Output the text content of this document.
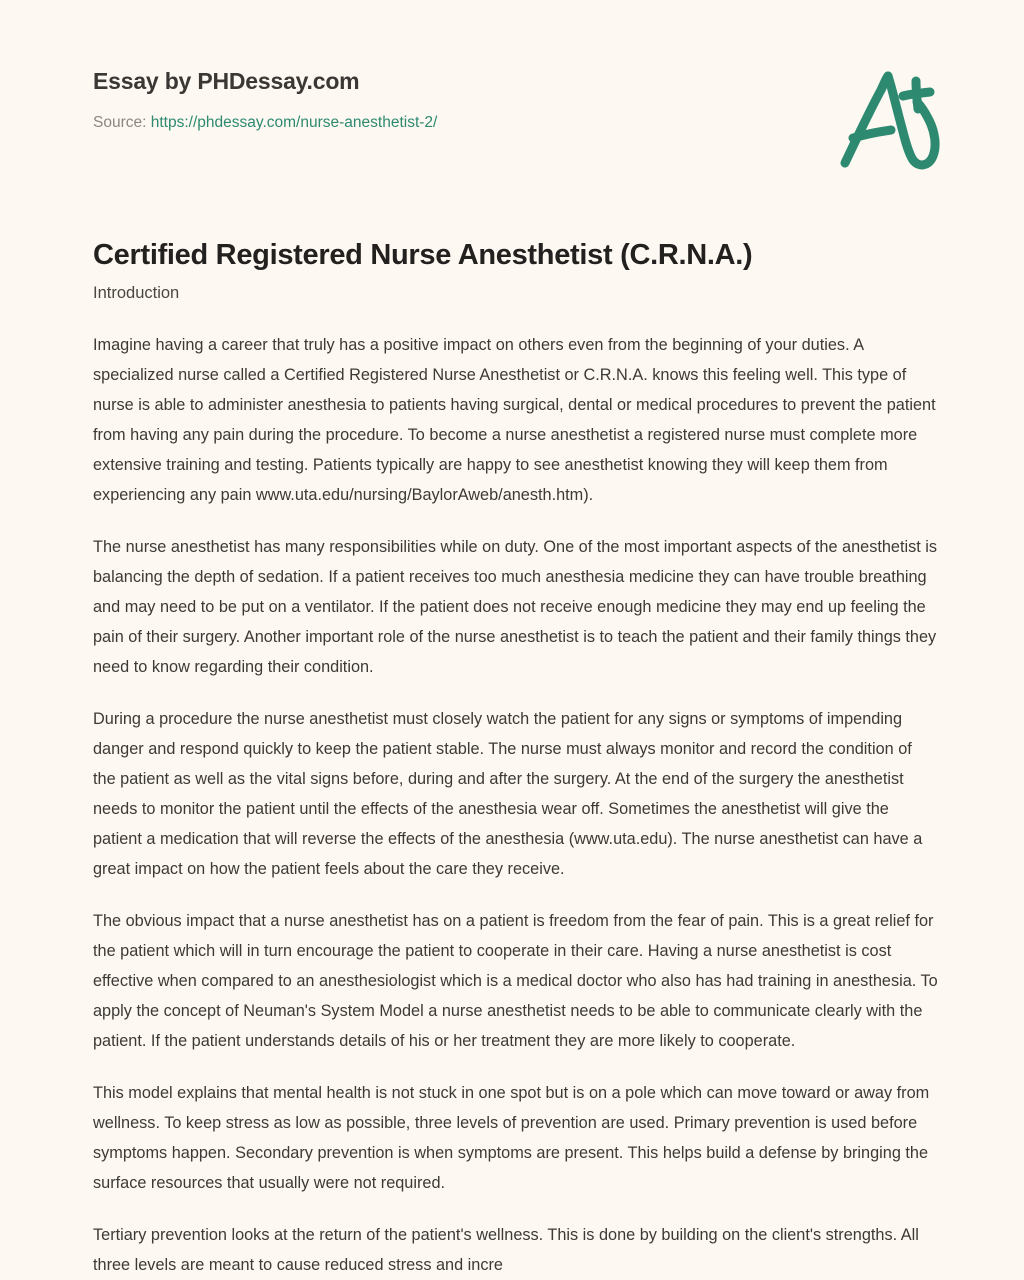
Essay by PHDessay.com
Source: https://phdessay.com/nurse-anesthetist-2/
Certified Registered Nurse Anesthetist (C.R.N.A.)
Introduction

Imagine having a career that truly has a positive impact on others even from the beginning of your duties. A specialized nurse called a Certified Registered Nurse Anesthetist or C.R.N.A. knows this feeling well. This type of nurse is able to administer anesthesia to patients having surgical, dental or medical procedures to prevent the patient from having any pain during the procedure. To become a nurse anesthetist a registered nurse must complete more extensive training and testing. Patients typically are happy to see anesthetist knowing they will keep them from experiencing any pain www.uta.edu/nursing/BaylorAweb/anesth.htm).

The nurse anesthetist has many responsibilities while on duty. One of the most important aspects of the anesthetist is balancing the depth of sedation. If a patient receives too much anesthesia medicine they can have trouble breathing and may need to be put on a ventilator. If the patient does not receive enough medicine they may end up feeling the pain of their surgery. Another important role of the nurse anesthetist is to teach the patient and their family things they need to know regarding their condition.

During a procedure the nurse anesthetist must closely watch the patient for any signs or symptoms of impending danger and respond quickly to keep the patient stable. The nurse must always monitor and record the condition of the patient as well as the vital signs before, during and after the surgery. At the end of the surgery the anesthetist needs to monitor the patient until the effects of the anesthesia wear off. Sometimes the anesthetist will give the patient a medication that will reverse the effects of the anesthesia (www.uta.edu). The nurse anesthetist can have a great impact on how the patient feels about the care they receive.

The obvious impact that a nurse anesthetist has on a patient is freedom from the fear of pain. This is a great relief for the patient which will in turn encourage the patient to cooperate in their care. Having a nurse anesthetist is cost effective when compared to an anesthesiologist which is a medical doctor who also has had training in anesthesia. To apply the concept of Neuman's System Model a nurse anesthetist needs to be able to communicate clearly with the patient. If the patient understands details of his or her treatment they are more likely to cooperate.

This model explains that mental health is not stuck in one spot but is on a pole which can move toward or away from wellness. To keep stress as low as possible, three levels of prevention are used. Primary prevention is used before symptoms happen. Secondary prevention is when symptoms are present. This helps build a defense by bringing the surface resources that usually were not required.

Tertiary prevention looks at the return of the patient's wellness. This is done by building on the client's strengths. All three levels are meant to cause reduced stress and incre
